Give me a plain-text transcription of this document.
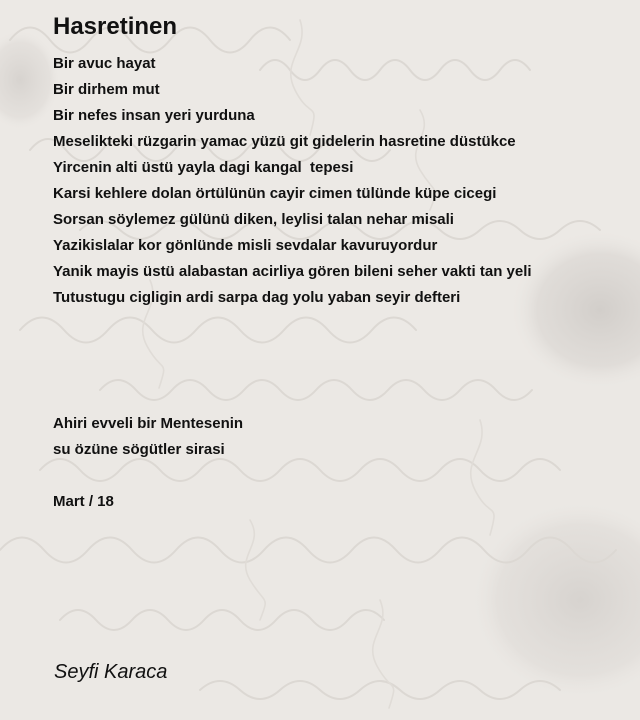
Hasretinen
Bir avuc hayat
Bir dirhem mut
Bir nefes insan yeri yurduna
Meselikteki rüzgarin yamac yüzü git gidelerin hasretine düstükce
Yircenin alti üstü yayla dagi kangal  tepesi
Karsi kehlere dolan örtülünün cayir cimen tülünde küpe cicegi
Sorsan söylemez gülünü diken, leylisi talan nehar misali
Yazikislalar kor gönlünde misli sevdalar kavuruyordur
Yanik mayis üstü alabastan acirliya gören bileni seher vakti tan yeli
Tutustugu cigligin ardi sarpa dag yolu yaban seyir defteri
Ahiri evveli bir Mentesenin
su özüne sögütler sirasi
Mart / 18
Seyfi Karaca
